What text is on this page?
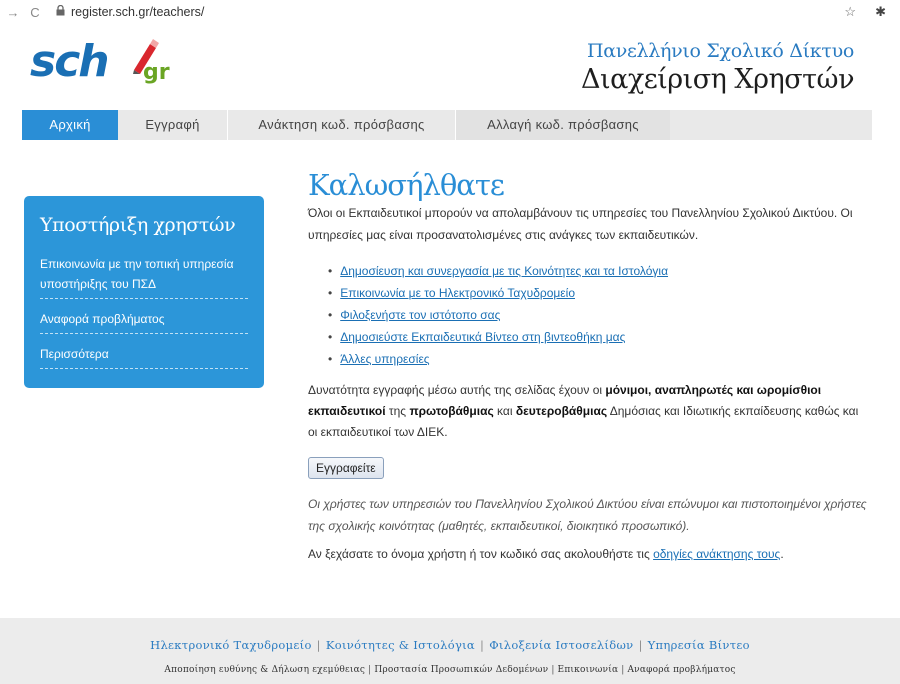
→ C	register.sch.gr/teachers/	☆ ✱
sch gr
Πανελλήνιο Σχολικό Δίκτυο
Διαχείριση Χρηστών
Αρχική	Εγγραφή	Ανάκτηση κωδ. πρόσβασης	Αλλαγή κωδ. πρόσβασης
Υποστήριξη χρηστών
Επικοινωνία με την τοπική υπηρεσία υποστήριξης του ΠΣΔ
Αναφορά προβλήματος
Περισσότερα
Καλωσήλθατε

Όλοι οι Εκπαιδευτικοί μπορούν να απολαμβάνουν τις υπηρεσίες του Πανελληνίου Σχολικού Δικτύου. Οι υπηρεσίες μας είναι προσανατολισμένες στις ανάγκες των εκπαιδευτικών.

• Δημοσίευση και συνεργασία με τις Κοινότητες και τα Ιστολόγια
• Επικοινωνία με το Ηλεκτρονικό Ταχυδρομείο
• Φιλοξενήστε τον ιστότοπο σας
• Δημοσιεύστε Εκπαιδευτικά Βίντεο στη βιντεοθήκη μας
• Άλλες υπηρεσίες

Δυνατότητα εγγραφής μέσω αυτής της σελίδας έχουν οι μόνιμοι, αναπληρωτές και ωρομίσθιοι εκπαιδευτικοί της πρωτοβάθμιας και δευτεροβάθμιας Δημόσιας και Ιδιωτικής εκπαίδευσης καθώς και οι εκπαιδευτικοί των ΔΙΕΚ.

Εγγραφείτε

Οι χρήστες των υπηρεσιών του Πανελληνίου Σχολικού Δικτύου είναι επώνυμοι και πιστοποιημένοι χρήστες της σχολικής κοινότητας (μαθητές, εκπαιδευτικοί, διοικητικό προσωπικό).

Αν ξεχάσατε το όνομα χρήστη ή τον κωδικό σας ακολουθήστε τις οδηγίες ανάκτησης τους.

Ηλεκτρονικό Ταχυδρομείο | Κοινότητες & Ιστολόγια | Φιλοξενία Ιστοσελίδων | Υπηρεσία Βίντεο
Αποποίηση ευθύνης & Δήλωση εχεμύθειας | Προστασία Προσωπικών Δεδομένων | Επικοινωνία | Αναφορά προβλήματος
